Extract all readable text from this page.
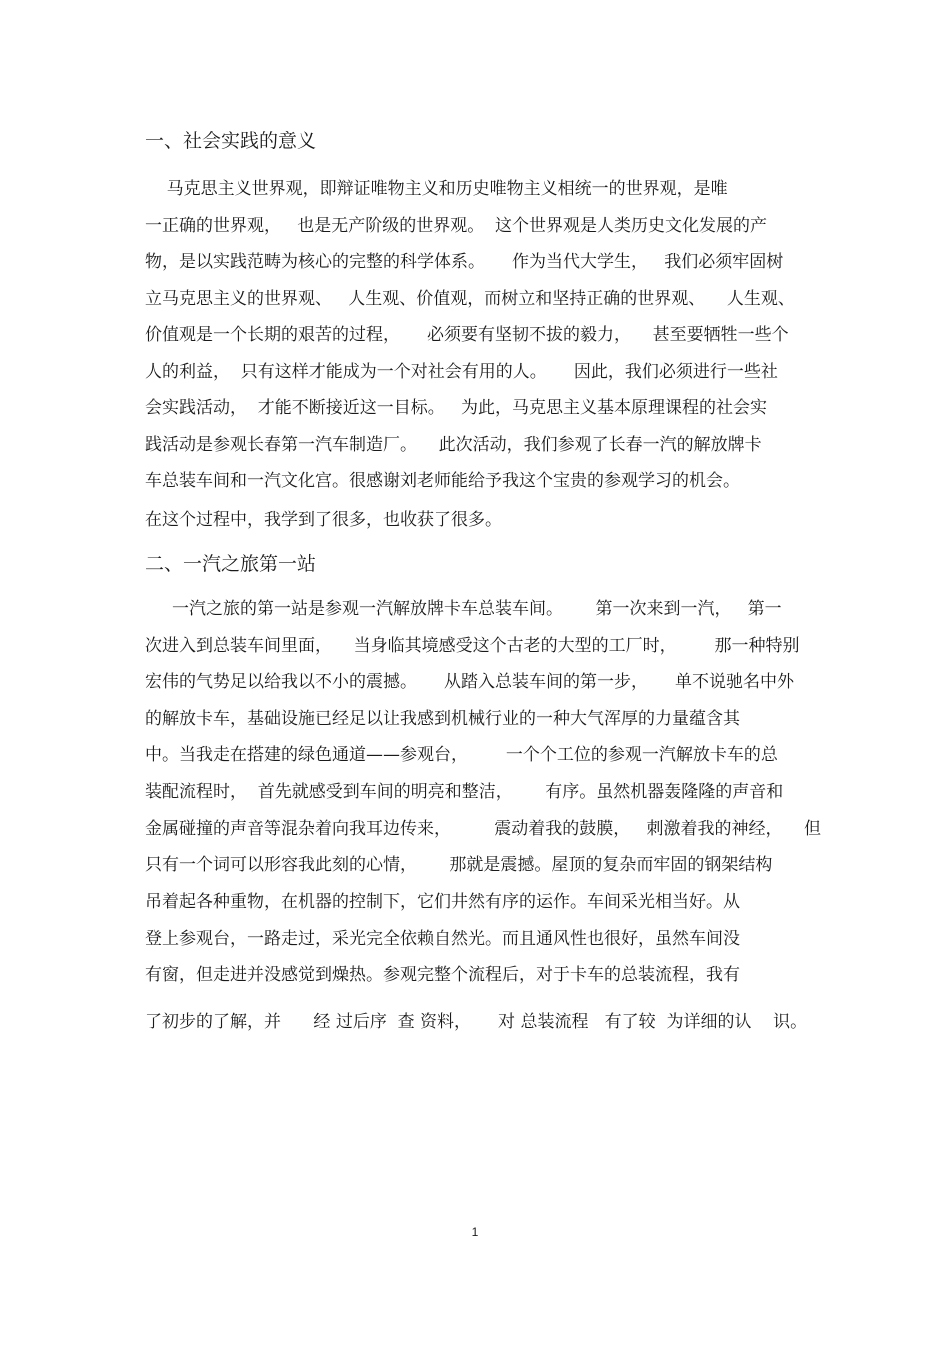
一、社会实践的意义

马克思主义世界观，即辩证唯物主义和历史唯物主义相统一的世界观，是唯

一正确的世界观，   也是无产阶级的世界观。  这个世界观是人类历史文化发展的产

物，是以实践范畴为核心的完整的科学体系。     作为当代大学生，   我们必须牢固树

立马克思主义的世界观、   人生观、价值观，而树立和坚持正确的世界观、    人生观、

价值观是一个长期的艰苦的过程，     必须要有坚韧不拔的毅力，    甚至要牺牲一些个

人的利益，  只有这样才能成为一个对社会有用的人。     因此，我们必须进行一些社

会实践活动，  才能不断接近这一目标。   为此，马克思主义基本原理课程的社会实

践活动是参观长春第一汽车制造厂。    此次活动，我们参观了长春一汽的解放牌卡

车总装车间和一汽文化宫。很感谢刘老师能给予我这个宝贵的参观学习的机会。

在这个过程中，我学到了很多，也收获了很多。

二、一汽之旅第一站

一汽之旅的第一站是参观一汽解放牌卡车总装车间。      第一次来到一汽，   第一

次进入到总装车间里面，    当身临其境感受这个古老的大型的工厂时，       那一种特别

宏伟的气势足以给我以不小的震撼。     从踏入总装车间的第一步，     单不说驰名中外

的解放卡车，基础设施已经足以让我感到机械行业的一种大气浑厚的力量蕴含其

中。当我走在搭建的绿色通道——参观台，       一个个工位的参观一汽解放卡车的总

装配流程时，  首先就感受到车间的明亮和整洁，      有序。虽然机器轰隆隆的声音和

金属碰撞的声音等混杂着向我耳边传来，        震动着我的鼓膜，   刺激着我的神经，    但

只有一个词可以形容我此刻的心情，      那就是震撼。屋顶的复杂而牢固的钢架结构

吊着起各种重物，在机器的控制下，它们井然有序的运作。车间采光相当好。从

登上参观台，一路走过，采光完全依赖自然光。而且通风性也很好，虽然车间没

有窗，但走进并没感觉到燥热。参观完整个流程后，对于卡车的总装流程，我有

了初步的了解，并      经 过后序  查 资料，     对 总装流程   有了较  为详细的认    识。

1
